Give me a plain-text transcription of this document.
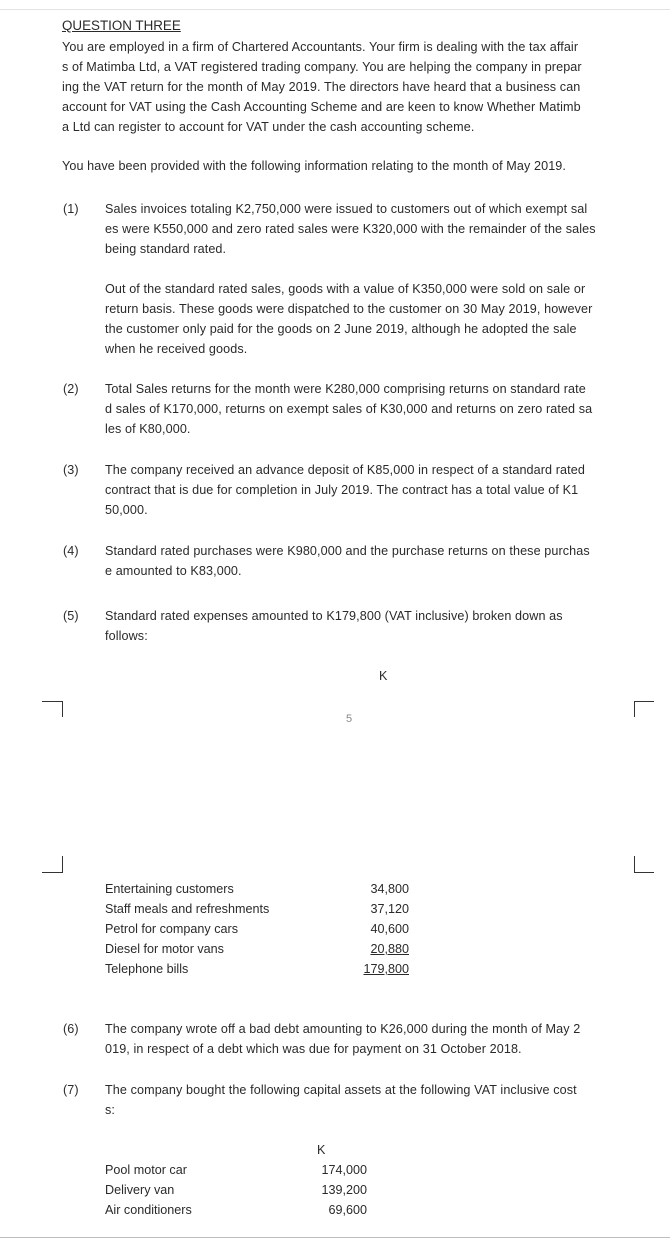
QUESTION THREE
You are employed in a firm of Chartered Accountants. Your firm is dealing with the tax affair
s of Matimba Ltd, a VAT registered trading company. You are helping the company in prepar
ing the VAT return for the month of May 2019. The directors have heard that a business can
account for VAT using the Cash Accounting Scheme and are keen to know Whether Matimb
a Ltd can register to account for VAT under the cash accounting scheme.
You have been provided with the following information relating to the month of May 2019.
(1) Sales invoices totaling K2,750,000 were issued to customers out of which exempt sal
es were K550,000 and zero rated sales were K320,000 with the remainder of the sales
being standard rated.
Out of the standard rated sales, goods with a value of K350,000 were sold on sale or
return basis. These goods were dispatched to the customer on 30 May 2019, however
the customer only paid for the goods on 2 June 2019, although he adopted the sale
when he received goods.
(2) Total Sales returns for the month were K280,000 comprising returns on standard rate
d sales of K170,000, returns on exempt sales of K30,000 and returns on zero rated sa
les of K80,000.
(3) The company received an advance deposit of K85,000 in respect of a standard rated
contract that is due for completion in July 2019. The contract has a total value of K1
50,000.
(4) Standard rated purchases were K980,000 and the purchase returns on these purchas
e amounted to K83,000.
(5) Standard rated expenses amounted to K179,800 (VAT inclusive) broken down as
follows:
K
5
Entertaining customers	34,800
Staff meals and refreshments	37,120
Petrol for company cars	40,600
Diesel for motor vans	20,880
Telephone bills	179,800
(6) The company wrote off a bad debt amounting to K26,000 during the month of May 2
019, in respect of a debt which was due for payment on 31 October 2018.
(7) The company bought the following capital assets at the following VAT inclusive cost
s:
K
Pool motor car	174,000
Delivery van	139,200
Air conditioners	69,600
